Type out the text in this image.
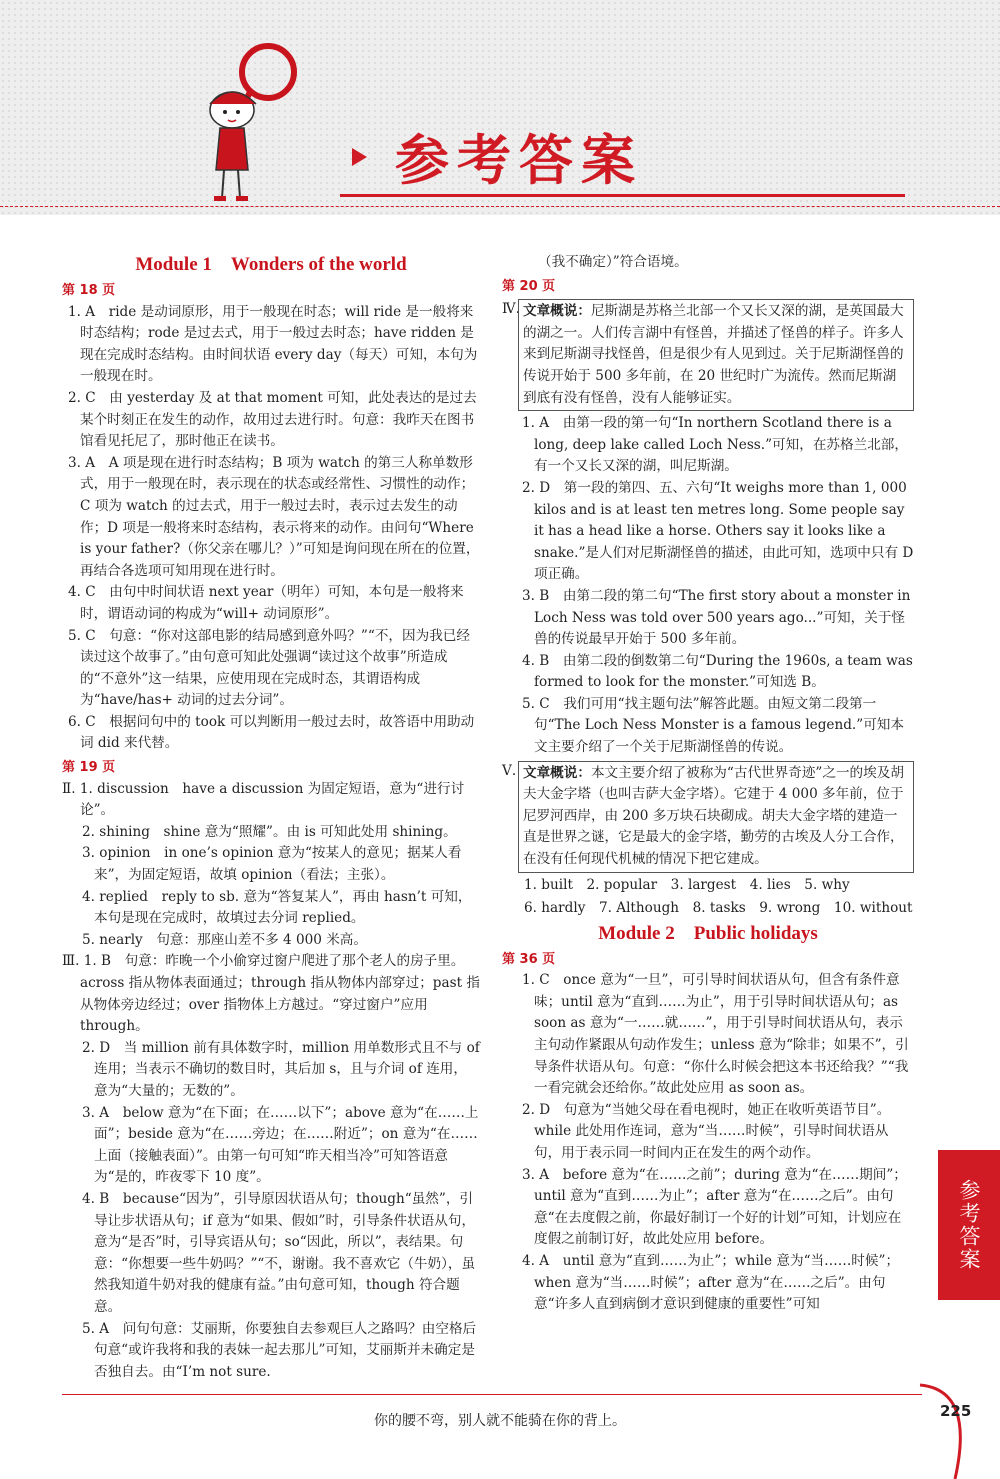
参考答案
Module 1　Wonders of the world
第 18 页

1. A　ride 是动词原形，用于一般现在时态；will ride 是一般将来时态结构；rode 是过去式，用于一般过去时态；have ridden 是现在完成时态结构。由时间状语 every day（每天）可知，本句为一般现在时。

2. C　由 yesterday 及 at that moment 可知，此处表达的是过去某个时刻正在发生的动作，故用过去进行时。句意：我昨天在图书馆看见托尼了，那时他正在读书。

3. A　A 项是现在进行时态结构；B 项为 watch 的第三人称单数形式，用于一般现在时，表示现在的状态或经常性、习惯性的动作；C 项为 watch 的过去式，用于一般过去时，表示过去发生的动作；D 项是一般将来时态结构，表示将来的动作。由问句“Where is your father?（你父亲在哪儿？）”可知是询问现在所在的位置，再结合各选项可知用现在进行时。

4. C　由句中时间状语 next year（明年）可知，本句是一般将来时，谓语动词的构成为“will+ 动词原形”。

5. C　句意：“你对这部电影的结局感到意外吗？”“不，因为我已经读过这个故事了。”由句意可知此处强调“读过这个故事”所造成的“不意外”这一结果，应使用现在完成时态，其谓语构成为“have/has+ 动词的过去分词”。

6. C　根据问句中的 took 可以判断用一般过去时，故答语中用助动词 did 来代替。

第 19 页

Ⅱ. 1. discussion　have a discussion 为固定短语，意为“进行讨论”。

2. shining　shine 意为“照耀”。由 is 可知此处用 shining。

3. opinion　in one’s opinion 意为“按某人的意见；据某人看来”，为固定短语，故填 opinion（看法；主张）。

4. replied　reply to sb. 意为“答复某人”，再由 hasn’t 可知，本句是现在完成时，故填过去分词 replied。

5. nearly　句意：那座山差不多 4 000 米高。

Ⅲ. 1. B　句意：昨晚一个小偷穿过窗户爬进了那个老人的房子里。across 指从物体表面通过；through 指从物体内部穿过；past 指从物体旁边经过；over 指物体上方越过。“穿过窗户”应用 through。

2. D　当 million 前有具体数字时，million 用单数形式且不与 of 连用；当表示不确切的数目时，其后加 s，且与介词 of 连用，意为“大量的；无数的”。

3. A　below 意为“在下面；在……以下”；above 意为“在……上面”；beside 意为“在……旁边；在……附近”；on 意为“在……上面（接触表面）”。由第一句可知“昨天相当冷”可知答语意为“是的，昨夜零下 10 度”。

4. B　because“因为”，引导原因状语从句；though“虽然”，引导让步状语从句；if 意为“如果、假如”时，引导条件状语从句，意为“是否”时，引导宾语从句；so“因此，所以”，表结果。句意：“你想要一些牛奶吗？”“不，谢谢。我不喜欢它（牛奶），虽然我知道牛奶对我的健康有益。”由句意可知，though 符合题意。

5. A　问句句意：艾丽斯，你要独自去参观巨人之路吗？由空格后句意“或许我将和我的表妹一起去那儿”可知，艾丽斯并未确定是否独自去。由“I’m not sure.

（我不确定）”符合语境。

第 20 页
Ⅳ. 文章概说：尼斯湖是苏格兰北部一个又长又深的湖，是英国最大的湖之一。人们传言湖中有怪兽，并描述了怪兽的样子。许多人来到尼斯湖寻找怪兽，但是很少有人见到过。关于尼斯湖怪兽的传说开始于 500 多年前，在 20 世纪时广为流传。然而尼斯湖到底有没有怪兽，没有人能够证实。

1. A　由第一段的第一句“In northern Scotland there is a long, deep lake called Loch Ness.”可知，在苏格兰北部，有一个又长又深的湖，叫尼斯湖。

2. D　第一段的第四、五、六句“It weighs more than 1, 000 kilos and is at least ten metres long. Some people say it has a head like a horse. Others say it looks like a snake.”是人们对尼斯湖怪兽的描述，由此可知，选项中只有 D 项正确。

3. B　由第二段的第二句“The first story about a monster in Loch Ness was told over 500 years ago...”可知，关于怪兽的传说最早开始于 500 多年前。

4. B　由第二段的倒数第二句“During the 1960s, a team was formed to look for the monster.”可知选 B。

5. C　我们可用“找主题句法”解答此题。由短文第二段第一句“The Loch Ness Monster is a famous legend.”可知本文主要介绍了一个关于尼斯湖怪兽的传说。

Ⅴ. 文章概说：本文主要介绍了被称为“古代世界奇迹”之一的埃及胡夫大金字塔（也叫吉萨大金字塔）。它建于 4 000 多年前，位于尼罗河西岸，由 200 多万块石块砌成。胡夫大金字塔的建造一直是世界之谜，它是最大的金字塔，勤劳的古埃及人分工合作，在没有任何现代机械的情况下把它建成。
1. built　2. popular　3. largest　4. lies　5. why
6. hardly　7. Although　8. tasks　9. wrong　10. without
Module 2　Public holidays
第 36 页

1. C　once 意为“一旦”，可引导时间状语从句，但含有条件意味；until 意为“直到……为止”，用于引导时间状语从句；as soon as 意为“一……就……”，用于引导时间状语从句，表示主句动作紧跟从句动作发生；unless 意为“除非；如果不”，引导条件状语从句。句意：“你什么时候会把这本书还给我？”“我一看完就会还给你。”故此处应用 as soon as。

2. D　句意为“当她父母在看电视时，她正在收听英语节目”。while 此处用作连词，意为“当……时候”，引导时间状语从句，用于表示同一时间内正在发生的两个动作。

3. A　before 意为“在……之前”；during 意为“在……期间”；until 意为“直到……为止”；after 意为“在……之后”。由句意“在去度假之前，你最好制订一个好的计划”可知，计划应在度假之前制订好，故此处应用 before。

4. A　until 意为“直到……为止”；while 意为“当……时候”；when 意为“当……时候”；after 意为“在……之后”。由句意“许多人直到病倒才意识到健康的重要性”可知

参考答案
你的腰不弯，别人就不能骑在你的背上。
225
